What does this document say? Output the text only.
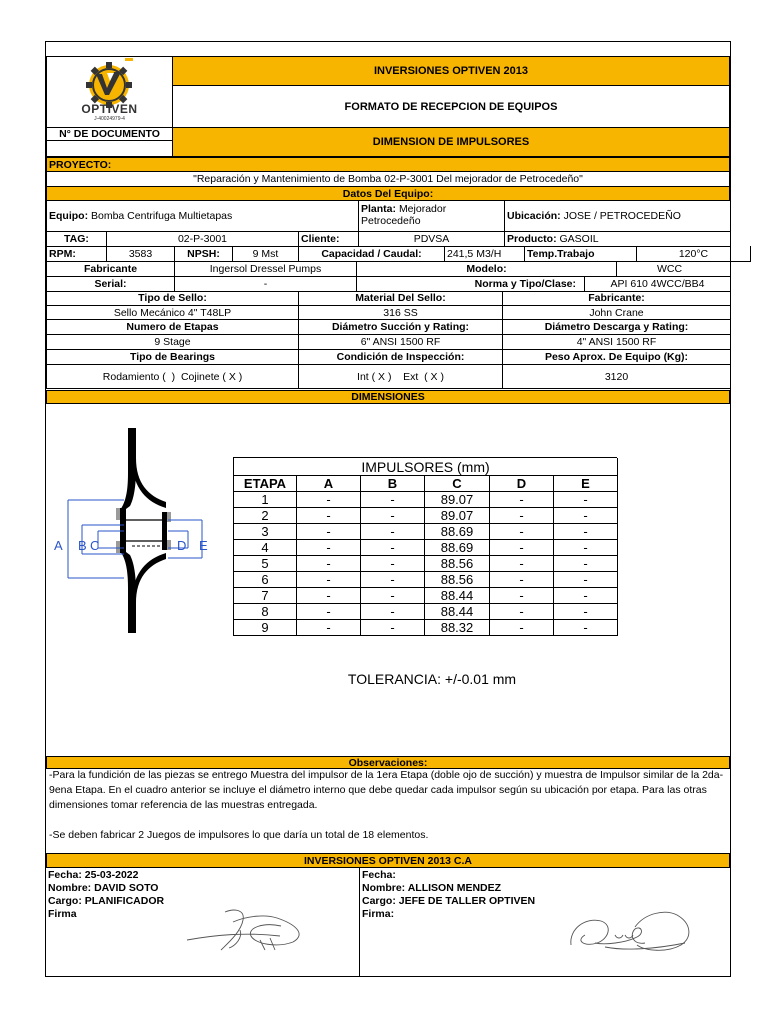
OPTIVEN
J-40024979-4
INVERSIONES OPTIVEN 2013
FORMATO DE RECEPCION DE EQUIPOS
N° DE DOCUMENTO
DIMENSION DE IMPULSORES
PROYECTO:
"Reparación y Mantenimiento de Bomba 02-P-3001 Del mejorador de Petrocedeño"
Datos Del Equipo:
Equipo:
Bomba Centrifuga Multietapas
Planta: Mejorador Petrocedeño	Ubicación:
JOSE / PETROCEDEÑO
TAG:	02-P-3001	Cliente:	PDVSA	Producto:
GASOIL
RPM:	3583	NPSH:	9 Mst	Capacidad / Caudal:	241,5 M3/H	Temp.Trabajo	120°C
Fabricante	Ingersol Dressel Pumps	Modelo:	WCC
Serial:	-	Norma y Tipo/Clase:	API 610 4WCC/BB4
Tipo de Sello:	Material Del Sello:	Fabricante:
Sello Mecánico 4" T48LP	316 SS	John Crane
Numero de Etapas	Diámetro Succión y Rating:	Diámetro Descarga y Rating:
9 Stage	6" ANSI 1500 RF	4" ANSI 1500 RF
Tipo de Bearings	Condición de Inspección:	Peso Aprox. De Equipo (Kg):
Rodamiento (  )  Cojinete ( X )	Int ( X )    Ext  ( X )	3120
DIMENSIONES
A B C	D E
IMPULSORES (mm)
ETAPA	A	B	C	D	E
1	-	-	89.07	-	-
2	-	-	89.07	-	-
3	-	-	88.69	-	-
4	-	-	88.69	-	-
5	-	-	88.56	-	-
6	-	-	88.56	-	-
7	-	-	88.44	-	-
8	-	-	88.44	-	-
9	-	-	88.32	-	-
TOLERANCIA: +/-0.01 mm
Observaciones:
-Para la fundición de las piezas se entrego Muestra del impulsor de la 1era Etapa (doble ojo de succión) y muestra de Impulsor similar de la 2da-9ena Etapa. En el cuadro anterior se incluye el diámetro interno que debe quedar cada impulsor según su ubicación por etapa. Para las otras dimensiones tomar referencia de las muestras entregada.
-Se deben fabricar 2 Juegos de impulsores lo que daría un total de 18 elementos.
INVERSIONES OPTIVEN 2013 C.A
Fecha: 25-03-2022
Nombre: DAVID SOTO
Cargo: PLANIFICADOR
Firma
Fecha:
Nombre: ALLISON MENDEZ
Cargo: JEFE DE TALLER OPTIVEN
Firma:
